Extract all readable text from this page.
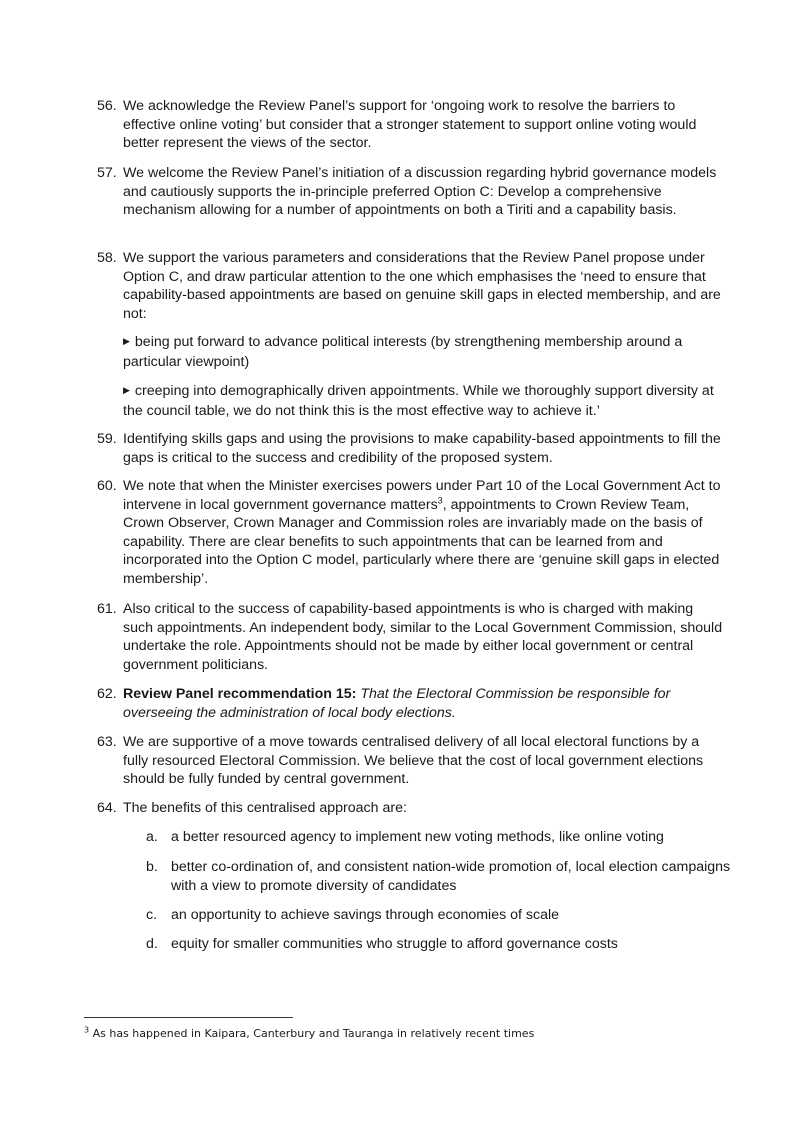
56. We acknowledge the Review Panel’s support for ‘ongoing work to resolve the barriers to effective online voting’ but consider that a stronger statement to support online voting would better represent the views of the sector.
57. We welcome the Review Panel’s initiation of a discussion regarding hybrid governance models and cautiously supports the in-principle preferred Option C: Develop a comprehensive mechanism allowing for a number of appointments on both a Tiriti and a capability basis.
58. We support the various parameters and considerations that the Review Panel propose under Option C, and draw particular attention to the one which emphasises the ‘need to ensure that capability-based appointments are based on genuine skill gaps in elected membership, and are not:
▶ being put forward to advance political interests (by strengthening membership around a particular viewpoint)
▶ creeping into demographically driven appointments. While we thoroughly support diversity at the council table, we do not think this is the most effective way to achieve it.’
59. Identifying skills gaps and using the provisions to make capability-based appointments to fill the gaps is critical to the success and credibility of the proposed system.
60. We note that when the Minister exercises powers under Part 10 of the Local Government Act to intervene in local government governance matters$^3$, appointments to Crown Review Team, Crown Observer, Crown Manager and Commission roles are invariably made on the basis of capability. There are clear benefits to such appointments that can be learned from and incorporated into the Option C model, particularly where there are ‘genuine skill gaps in elected membership’.
61. Also critical to the success of capability-based appointments is who is charged with making such appointments. An independent body, similar to the Local Government Commission, should undertake the role. Appointments should not be made by either local government or central government politicians.
62. Review Panel recommendation 15: That the Electoral Commission be responsible for overseeing the administration of local body elections.
63. We are supportive of a move towards centralised delivery of all local electoral functions by a fully resourced Electoral Commission. We believe that the cost of local government elections should be fully funded by central government.
64. The benefits of this centralised approach are:
a. a better resourced agency to implement new voting methods, like online voting
b. better co-ordination of, and consistent nation-wide promotion of, local election campaigns with a view to promote diversity of candidates
c. an opportunity to achieve savings through economies of scale
d. equity for smaller communities who struggle to afford governance costs
$^3$ As has happened in Kaipara, Canterbury and Tauranga in relatively recent times
